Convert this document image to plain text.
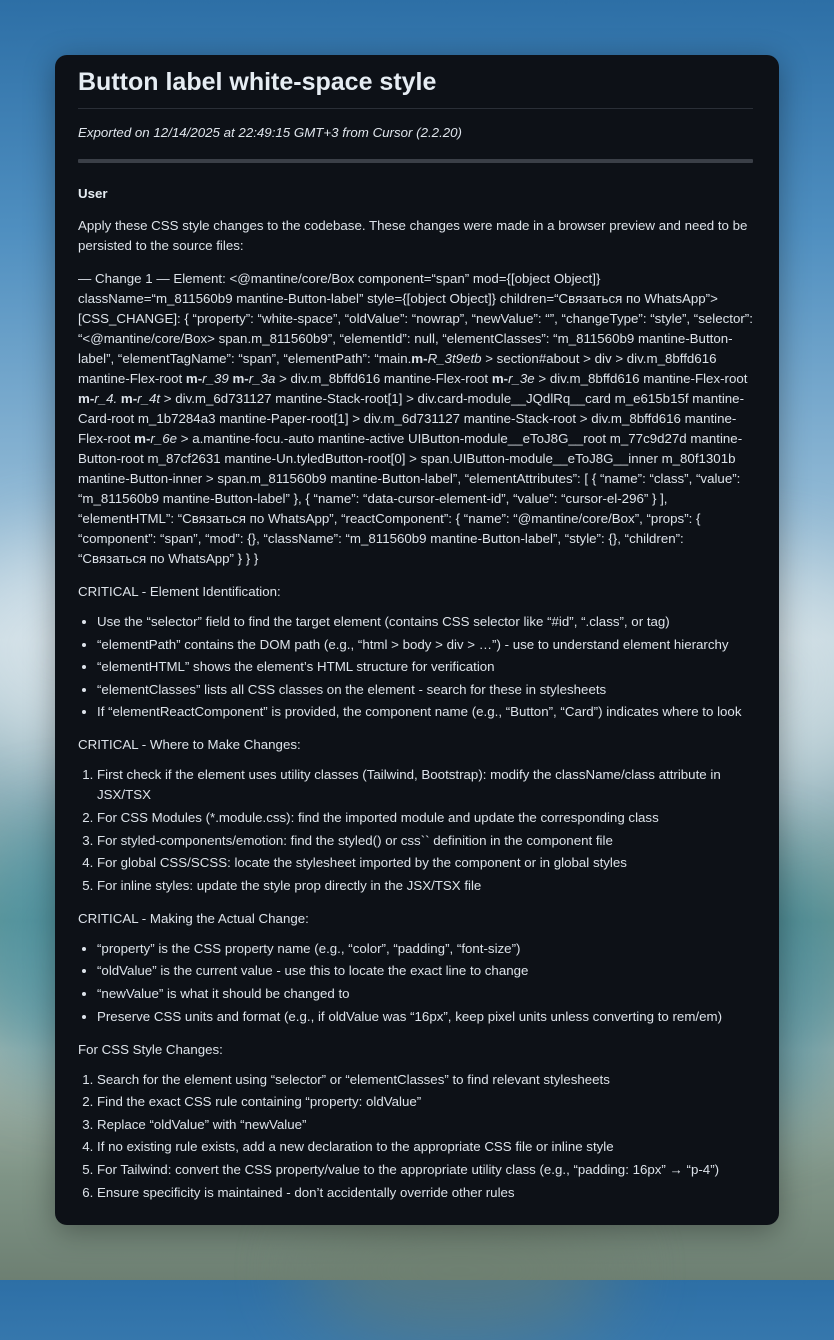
Button label white-space style
Exported on 12/14/2025 at 22:49:15 GMT+3 from Cursor (2.2.20)
User

Apply these CSS style changes to the codebase. These changes were made in a browser preview and need to be persisted to the source files:

— Change 1 — Element: <@mantine/core/Box component=“span” mod={[object Object]} className=“m_811560b9 mantine-Button-label” style={[object Object]} children=“Связаться по WhatsApp”> [CSS_CHANGE]: { “property”: “white-space”, “oldValue”: “nowrap”, “newValue”: “”, “changeType”: “style”, “selector”: “<@mantine/core/Box> span.m_811560b9”, “elementId”: null, “elementClasses”: “m_811560b9 mantine-Button-label”, “elementTagName”: “span”, “elementPath”: “main.m-R_3t9etb > section#about > div > div.m_8bffd616 mantine-Flex-root m-r_39 m-r_3a > div.m_8bffd616 mantine-Flex-root m-r_3e > div.m_8bffd616 mantine-Flex-root m-r_4. m-r_4t > div.m_6d731127 mantine-Stack-root[1] > div.card-module__JQdlRq__card m_e615b15f mantine-Card-root m_1b7284a3 mantine-Paper-root[1] > div.m_6d731127 mantine-Stack-root > div.m_8bffd616 mantine-Flex-root m-r_6e > a.mantine-focu.-auto mantine-active UIButton-module__eToJ8G__root m_77c9d27d mantine-Button-root m_87cf2631 mantine-Un.tyledButton-root[0] > span.UIButton-module__eToJ8G__inner m_80f1301b mantine-Button-inner > span.m_811560b9 mantine-Button-label”, “elementAttributes”: [ { “name”: “class”, “value”: “m_811560b9 mantine-Button-label” }, { “name”: “data-cursor-element-id”, “value”: “cursor-el-296” } ], “elementHTML”: “Связаться по WhatsApp”, “reactComponent”: { “name”: “@mantine/core/Box”, “props”: { “component”: “span”, “mod”: {}, “className”: “m_811560b9 mantine-Button-label”, “style”: {}, “children”: “Связаться по WhatsApp” } } }

CRITICAL - Element Identification:

• Use the “selector” field to find the target element (contains CSS selector like “#id”, “.class”, or tag)
• “elementPath” contains the DOM path (e.g., “html > body > div > …”) - use to understand element hierarchy
• “elementHTML” shows the element’s HTML structure for verification
• “elementClasses” lists all CSS classes on the element - search for these in stylesheets
• If “elementReactComponent” is provided, the component name (e.g., “Button”, “Card”) indicates where to look

CRITICAL - Where to Make Changes:

1. First check if the element uses utility classes (Tailwind, Bootstrap): modify the className/class attribute in JSX/TSX
2. For CSS Modules (*.module.css): find the imported module and update the corresponding class
3. For styled-components/emotion: find the styled() or css`` definition in the component file
4. For global CSS/SCSS: locate the stylesheet imported by the component or in global styles
5. For inline styles: update the style prop directly in the JSX/TSX file

CRITICAL - Making the Actual Change:

• “property” is the CSS property name (e.g., “color”, “padding”, “font-size”)
• “oldValue” is the current value - use this to locate the exact line to change
• “newValue” is what it should be changed to
• Preserve CSS units and format (e.g., if oldValue was “16px”, keep pixel units unless converting to rem/em)

For CSS Style Changes:

1. Search for the element using “selector” or “elementClasses” to find relevant stylesheets
2. Find the exact CSS rule containing “property: oldValue”
3. Replace “oldValue” with “newValue”
4. If no existing rule exists, add a new declaration to the appropriate CSS file or inline style
5. For Tailwind: convert the CSS property/value to the appropriate utility class (e.g., “padding: 16px” → “p-4”)
6. Ensure specificity is maintained - don’t accidentally override other rules
